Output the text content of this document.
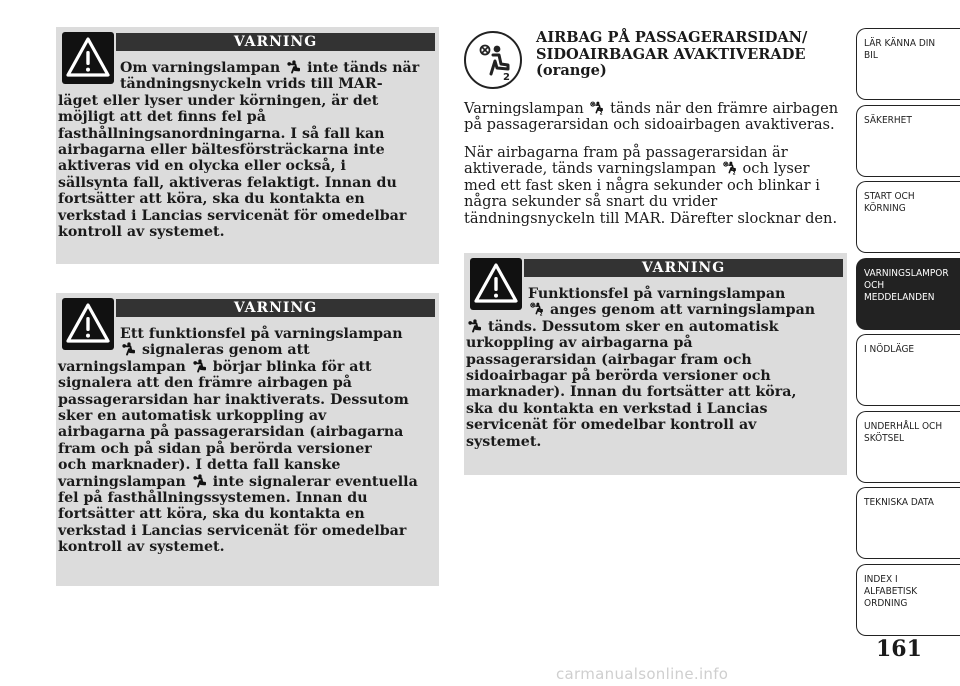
VARNING
Om varningslampan  inte tänds när
tändningsnyckeln vrids till MAR-
läget eller lyser under körningen, är det
möjligt att det finns fel på
fasthållningsanordningarna. I så fall kan
airbagarna eller bältesförsträckarna inte
aktiveras vid en olycka eller också, i
sällsynta fall, aktiveras felaktigt. Innan du
fortsätter att köra, ska du kontakta en
verkstad i Lancias servicenät för omedelbar
kontroll av systemet.
VARNING
Ett funktionsfel på varningslampan
signaleras genom att
varningslampan  börjar blinka för att
signalera att den främre airbagen på
passagerarsidan har inaktiverats. Dessutom
sker en automatisk urkoppling av
airbagarna på passagerarsidan (airbagarna
fram och på sidan på berörda versioner
och marknader). I detta fall kanske
varningslampan  inte signalerar eventuella
fel på fasthållningssystemen. Innan du
fortsätter att köra, ska du kontakta en
verkstad i Lancias servicenät för omedelbar
kontroll av systemet.
2
AIRBAG PÅ PASSAGERARSIDAN/
SIDOAIRBAGAR AVAKTIVERADE
(orange)
Varningslampan	2 tänds när den främre airbagen
på passagerarsidan och sidoairbagen avaktiveras.
När airbagarna fram på passagerarsidan är
aktiverade, tänds varningslampan	2 och lyser
med ett fast sken i några sekunder och blinkar i
några sekunder så snart du vrider
tändningsnyckeln till MAR. Därefter slocknar den.
VARNING
Funktionsfel på varningslampan
2 anges genom att varningslampan
tänds. Dessutom sker en automatisk
urkoppling av airbagarna på
passagerarsidan (airbagar fram och
sidoairbagar på berörda versioner och
marknader). Innan du fortsätter att köra,
ska du kontakta en verkstad i Lancias
servicenät för omedelbar kontroll av
systemet.
LÄR KÄNNA DIN
BIL
SÄKERHET
START OCH
KÖRNING
VARNINGSLAMPOR
OCH
MEDDELANDEN
I NÖDLÄGE
UNDERHÅLL OCH
SKÖTSEL
TEKNISKA DATA
INDEX I
ALFABETISK
ORDNING
161
carmanualsonline.info
